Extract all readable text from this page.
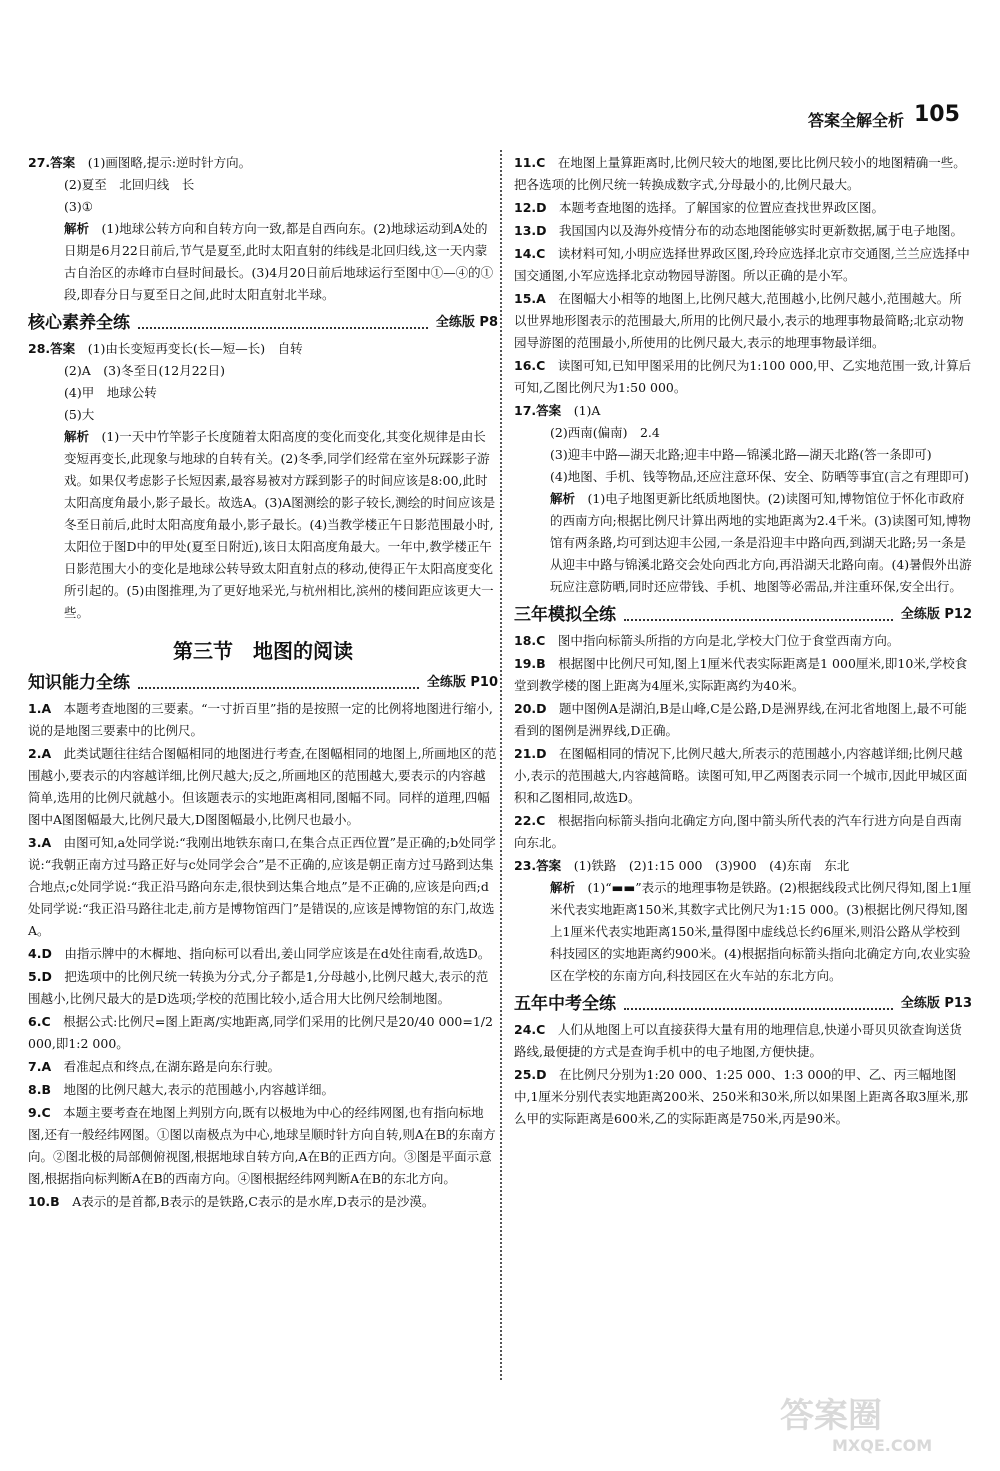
答案全解全析 105
27.答案　 (1)画图略,提示:逆时针方向。
(2)夏至　北回归线　长
(3)①
解析　 (1)地球公转方向和自转方向一致,都是自西向东。(2)地球运动到A处的日期是6月22日前后,节气是夏至,此时太阳直射的纬线是北回归线,这一天内蒙古自治区的赤峰市白昼时间最长。(3)4月20日前后地球运行至图中①—④的①段,即春分日与夏至日之间,此时太阳直射北半球。
核心素养全练	全练版 P8
28.答案　 (1)由长变短再变长(长—短—长)　自转
(2)A　(3)冬至日(12月22日)
(4)甲　地球公转
(5)大
解析　 (1)一天中竹竿影子长度随着太阳高度的变化而变化,其变化规律是由长变短再变长,此现象与地球的自转有关。(2)冬季,同学们经常在室外玩踩影子游戏。如果仅考虑影子长短因素,最容易被对方踩到影子的时间应该是8:00,此时太阳高度角最小,影子最长。故选A。(3)A图测绘的影子较长,测绘的时间应该是冬至日前后,此时太阳高度角最小,影子最长。(4)当教学楼正午日影范围最小时,太阳位于图D中的甲处(夏至日附近),该日太阳高度角最大。一年中,教学楼正午日影范围大小的变化是地球公转导致太阳直射点的移动,使得正午太阳高度变化所引起的。(5)由图推理,为了更好地采光,与杭州相比,滨州的楼间距应该更大一些。
第三节　地图的阅读
知识能力全练	全练版 P10
1.A　 本题考查地图的三要素。“一寸折百里”指的是按照一定的比例将地图进行缩小,说的是地图三要素中的比例尺。
2.A　 此类试题往往结合图幅相同的地图进行考查,在图幅相同的地图上,所画地区的范围越小,要表示的内容越详细,比例尺越大;反之,所画地区的范围越大,要表示的内容越简单,选用的比例尺就越小。但该题表示的实地距离相同,图幅不同。同样的道理,四幅图中A图图幅最大,比例尺最大,D图图幅最小,比例尺也最小。
3.A　 由图可知,a处同学说:“我刚出地铁东南口,在集合点正西位置”是正确的;b处同学说:“我朝正南方过马路正好与c处同学会合”是不正确的,应该是朝正南方过马路到达集合地点;c处同学说:“我正沿马路向东走,很快到达集合地点”是不正确的,应该是向西;d处同学说:“我正沿马路往北走,前方是博物馆西门”是错误的,应该是博物馆的东门,故选A。
4.D　 由指示牌中的木樨地、指向标可以看出,姜山同学应该是在d处往南看,故选D。
5.D　 把选项中的比例尺统一转换为分式,分子都是1,分母越小,比例尺越大,表示的范围越小,比例尺最大的是D选项;学校的范围比较小,适合用大比例尺绘制地图。
6.C　 根据公式:比例尺=图上距离/实地距离,同学们采用的比例尺是20/40 000=1/2 000,即1:2 000。
7.A　 看准起点和终点,在湖东路是向东行驶。
8.B　 地图的比例尺越大,表示的范围越小,内容越详细。
9.C　 本题主要考查在地图上判别方向,既有以极地为中心的经纬网图,也有指向标地图,还有一般经纬网图。①图以南极点为中心,地球呈顺时针方向自转,则A在B的东南方向。②图北极的局部侧俯视图,根据地球自转方向,A在B的正西方向。③图是平面示意图,根据指向标判断A在B的西南方向。④图根据经纬网判断A在B的东北方向。
10.B　 A表示的是首都,B表示的是铁路,C表示的是水库,D表示的是沙漠。
11.C　 在地图上量算距离时,比例尺较大的地图,要比比例尺较小的地图精确一些。把各选项的比例尺统一转换成数字式,分母最小的,比例尺最大。
12.D　 本题考查地图的选择。了解国家的位置应查找世界政区图。
13.D　 我国国内以及海外疫情分布的动态地图能够实时更新数据,属于电子地图。
14.C　 读材料可知,小明应选择世界政区图,玲玲应选择北京市交通图,兰兰应选择中国交通图,小军应选择北京动物园导游图。所以正确的是小军。
15.A　 在图幅大小相等的地图上,比例尺越大,范围越小,比例尺越小,范围越大。所以世界地形图表示的范围最大,所用的比例尺最小,表示的地理事物最简略;北京动物园导游图的范围最小,所使用的比例尺最大,表示的地理事物最详细。
16.C　 读图可知,已知甲图采用的比例尺为1:100 000,甲、乙实地范围一致,计算后可知,乙图比例尺为1:50 000。
17.答案　 (1)A
(2)西南(偏南)　2.4
(3)迎丰中路—湖天北路;迎丰中路—锦溪北路—湖天北路(答一条即可)
(4)地图、手机、钱等物品,还应注意环保、安全、防晒等事宜(言之有理即可)
解析　 (1)电子地图更新比纸质地图快。(2)读图可知,博物馆位于怀化市政府的西南方向;根据比例尺计算出两地的实地距离为2.4千米。(3)读图可知,博物馆有两条路,均可到达迎丰公园,一条是沿迎丰中路向西,到湖天北路;另一条是从迎丰中路与锦溪北路交会处向西北方向,再沿湖天北路向南。(4)暑假外出游玩应注意防晒,同时还应带钱、手机、地图等必需品,并注重环保,安全出行。
三年模拟全练	全练版 P12
18.C　 图中指向标箭头所指的方向是北,学校大门位于食堂西南方向。
19.B　 根据图中比例尺可知,图上1厘米代表实际距离是1 000厘米,即10米,学校食堂到教学楼的图上距离为4厘米,实际距离约为40米。
20.D　 题中图例A是湖泊,B是山峰,C是公路,D是洲界线,在河北省地图上,最不可能看到的图例是洲界线,D正确。
21.D　 在图幅相同的情况下,比例尺越大,所表示的范围越小,内容越详细;比例尺越小,表示的范围越大,内容越简略。读图可知,甲乙两图表示同一个城市,因此甲城区面积和乙图相同,故选D。
22.C　 根据指向标箭头指向北确定方向,图中箭头所代表的汽车行进方向是自西南向东北。
23.答案　 (1)铁路　(2)1:15 000　(3)900　(4)东南　东北
解析　 (1)“▬▬”表示的地理事物是铁路。(2)根据线段式比例尺得知,图上1厘米代表实地距离150米,其数字式比例尺为1:15 000。(3)根据比例尺得知,图上1厘米代表实地距离150米,量得图中虚线总长约6厘米,则沿公路从学校到科技园区的实地距离约900米。(4)根据指向标箭头指向北确定方向,农业实验区在学校的东南方向,科技园区在火车站的东北方向。
五年中考全练	全练版 P13
24.C　 人们从地图上可以直接获得大量有用的地理信息,快递小哥贝贝欲查询送货路线,最便捷的方式是查询手机中的电子地图,方便快捷。
25.D　 在比例尺分别为1:20 000、1:25 000、1:3 000的甲、乙、丙三幅地图中,1厘米分别代表实地距离200米、250米和30米,所以如果图上距离各取3厘米,那么甲的实际距离是600米,乙的实际距离是750米,丙是90米。
答案圈
MXQE.COM
